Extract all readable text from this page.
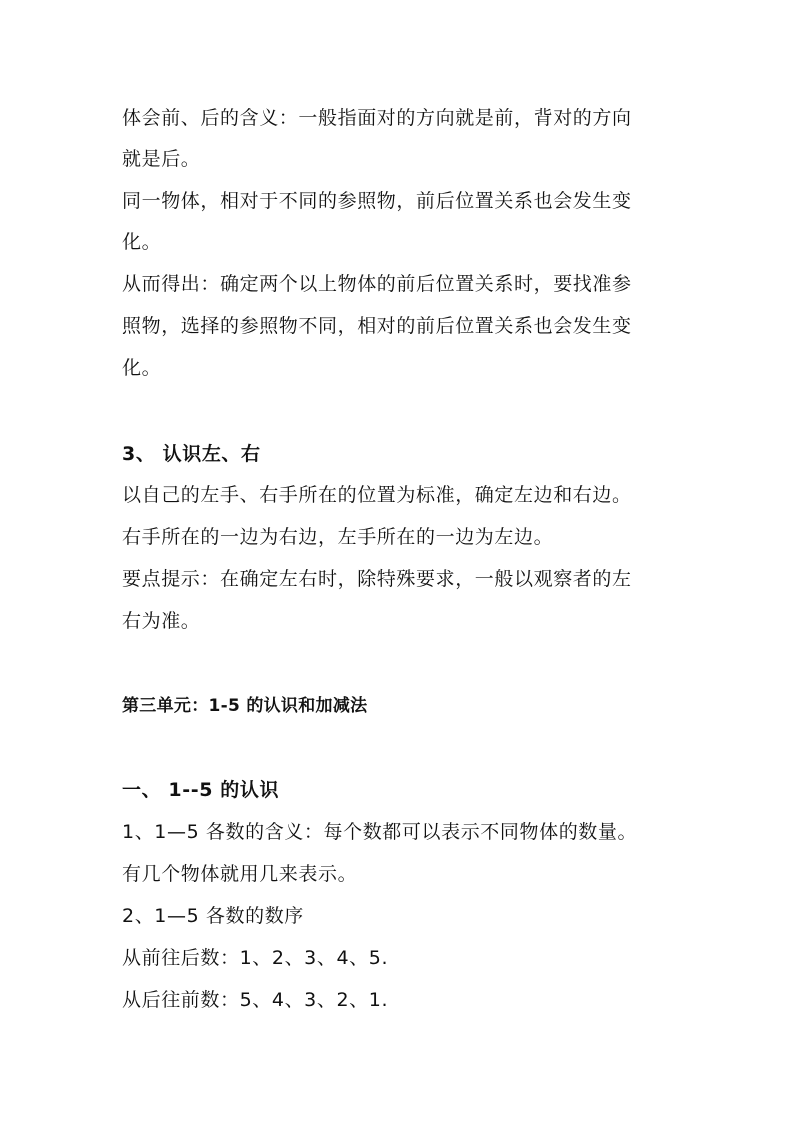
体会前、后的含义：一般指面对的方向就是前，背对的方向
就是后。
同一物体，相对于不同的参照物，前后位置关系也会发生变
化。
从而得出：确定两个以上物体的前后位置关系时，要找准参
照物，选择的参照物不同，相对的前后位置关系也会发生变
化。
3、 认识左、右
以自己的左手、右手所在的位置为标准，确定左边和右边。
右手所在的一边为右边，左手所在的一边为左边。
要点提示：在确定左右时，除特殊要求，一般以观察者的左
右为准。
第三单元：1-5 的认识和加减法
一、 1--5 的认识
1、1—5 各数的含义：每个数都可以表示不同物体的数量。
有几个物体就用几来表示。
2、1—5 各数的数序
从前往后数：1、2、3、4、5.
从后往前数：5、4、3、2、1.
